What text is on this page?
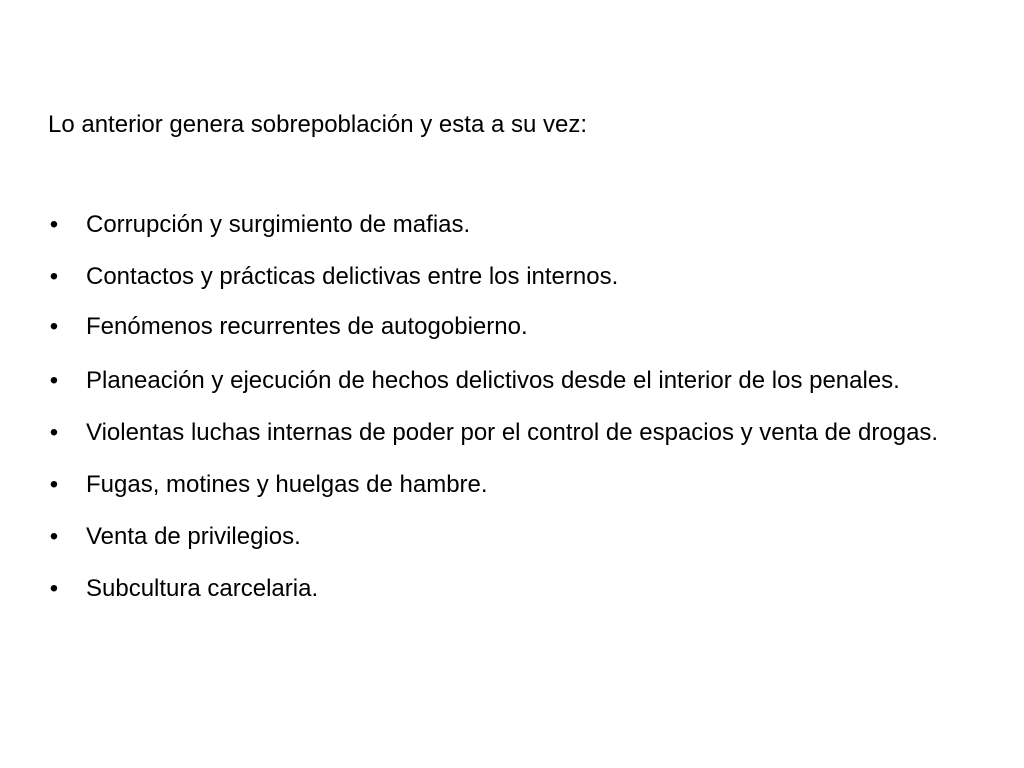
Lo anterior genera sobrepoblación y esta a su vez:
• Corrupción y surgimiento de mafias.
• Contactos y prácticas delictivas entre los internos.
• Fenómenos recurrentes de autogobierno.
• Planeación y ejecución de hechos delictivos desde el interior de los penales.
• Violentas luchas internas de poder por el control de espacios y venta de drogas.
• Fugas, motines y huelgas de hambre.
• Venta de privilegios.
• Subcultura carcelaria.
